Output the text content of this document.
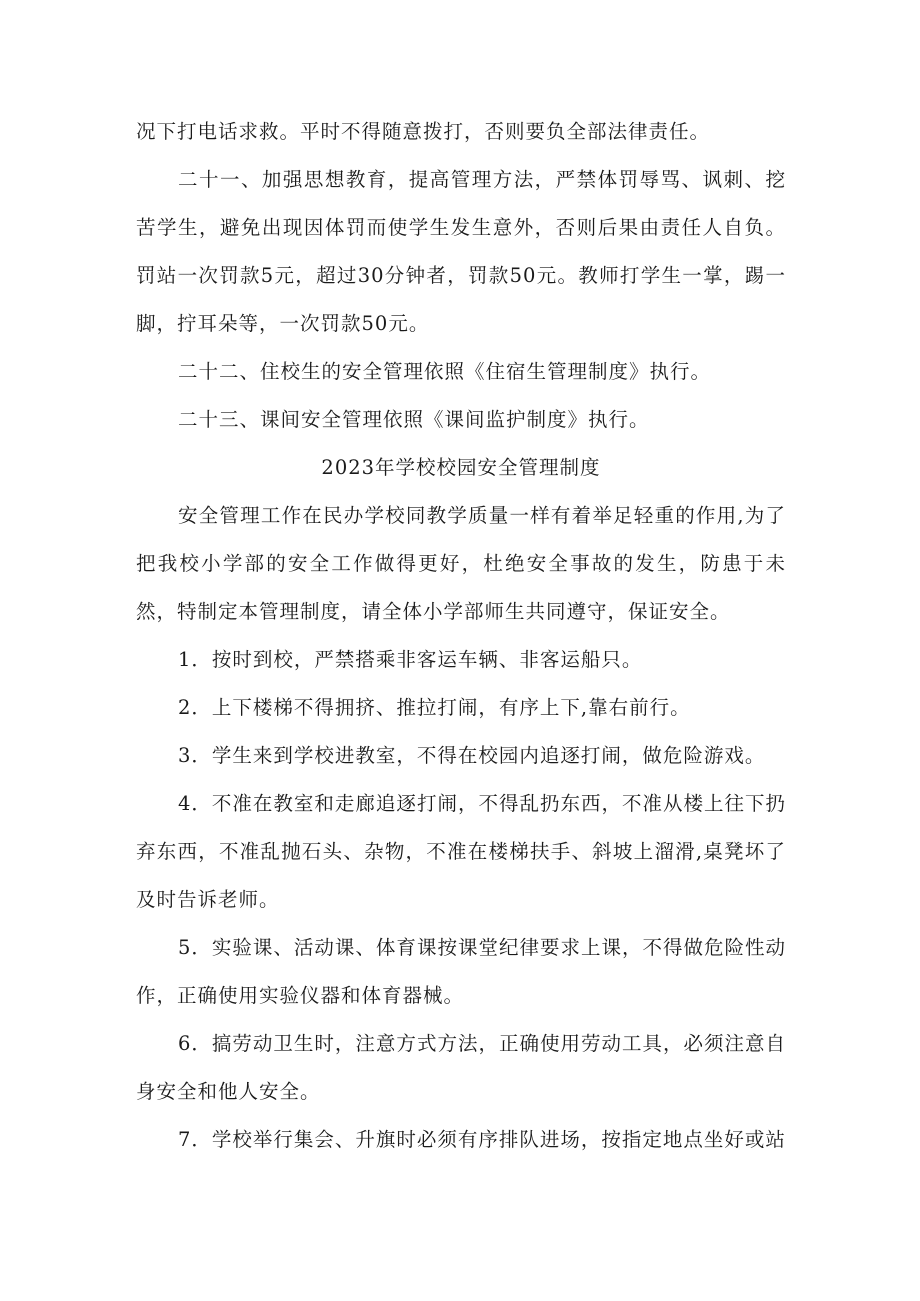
况下打电话求救。平时不得随意拨打，否则要负全部法律责任。

二十一、加强思想教育，提高管理方法，严禁体罚辱骂、讽刺、挖苦学生，避免出现因体罚而使学生发生意外，否则后果由责任人自负。罚站一次罚款5元，超过30分钟者，罚款50元。教师打学生一掌，踢一脚，拧耳朵等，一次罚款50元。

二十二、住校生的安全管理依照《住宿生管理制度》执行。

二十三、课间安全管理依照《课间监护制度》执行。

2023年学校校园安全管理制度

安全管理工作在民办学校同教学质量一样有着举足轻重的作用,为了把我校小学部的安全工作做得更好，杜绝安全事故的发生，防患于未然，特制定本管理制度，请全体小学部师生共同遵守，保证安全。

1．按时到校，严禁搭乘非客运车辆、非客运船只。

2．上下楼梯不得拥挤、推拉打闹，有序上下,靠右前行。

3．学生来到学校进教室，不得在校园内追逐打闹，做危险游戏。

4．不准在教室和走廊追逐打闹，不得乱扔东西，不准从楼上往下扔弃东西，不准乱抛石头、杂物，不准在楼梯扶手、斜坡上溜滑,桌凳坏了及时告诉老师。

5．实验课、活动课、体育课按课堂纪律要求上课，不得做危险性动作，正确使用实验仪器和体育器械。

6．搞劳动卫生时，注意方式方法，正确使用劳动工具，必须注意自身安全和他人安全。

7．学校举行集会、升旗时必须有序排队进场，按指定地点坐好或站
